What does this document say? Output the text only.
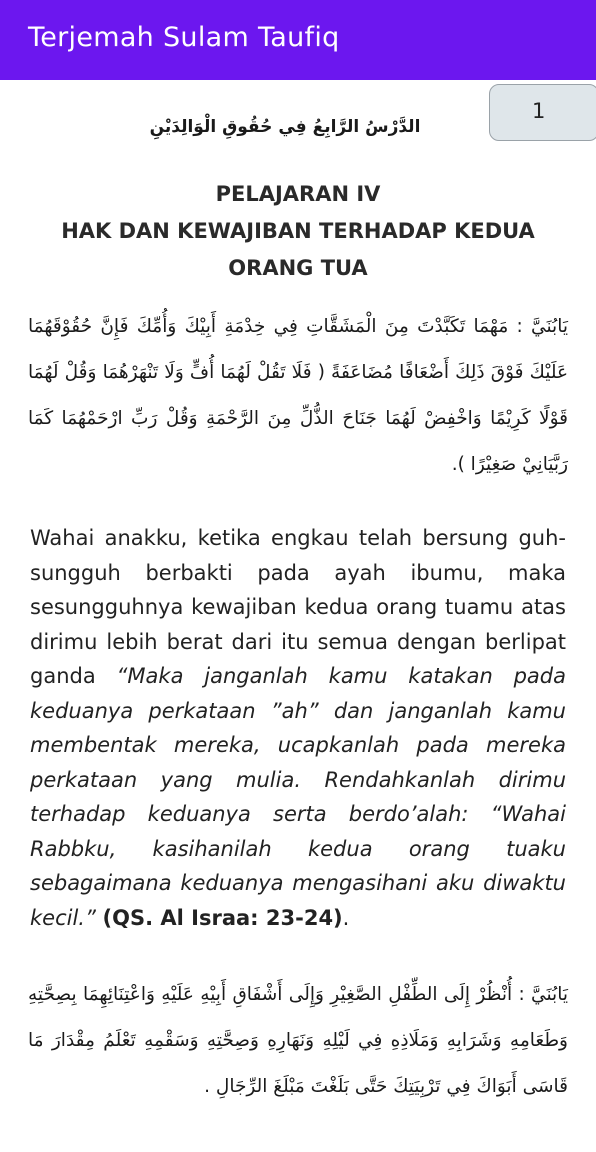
Terjemah Sulam Taufiq
1
الدَّرْسُ الرَّابِعُ فِي حُقُوقِ الْوَالِدَيْنِ
PELAJARAN IV
HAK DAN KEWAJIBAN TERHADAP KEDUA
ORANG TUA
يَابُنَيَّ : مَهْمَا تَكَبَّدْتَ مِنَ الْمَشَقَّاتِ فِي خِدْمَةِ أَبِيْكَ وَأُمِّكَ فَإِنَّ حُقُوْقَهُمَا عَلَيْكَ فَوْقَ ذَلِكَ أَضْعَافًا مُضَاعَفَةً ( فَلَا تَقُلْ لَهُمَا أُفٍّ وَلَا تَنْهَرْهُمَا وَقُلْ لَهُمَا قَوْلًا كَرِيْمًا وَاخْفِضْ لَهُمَا جَنَاحَ الذُّلِّ مِنَ الرَّحْمَةِ وَقُلْ رَبِّ ارْحَمْهُمَا كَمَا رَبَّيَانِيْ صَغِيْرًا ).
Wahai anakku, ketika engkau telah bersung guh-sungguh berbakti pada ayah ibumu, maka sesungguhnya kewajiban kedua orang tuamu atas dirimu lebih berat dari itu semua dengan berlipat ganda “Maka janganlah kamu katakan pada keduanya perkataan ”ah” dan janganlah kamu membentak mereka, ucapkanlah pada mereka perkataan yang mulia. Rendahkanlah dirimu terhadap keduanya serta berdo’alah: “Wahai Rabbku, kasihanilah kedua orang tuaku sebagaimana keduanya mengasihani aku diwaktu kecil.” (QS. Al Israa: 23-24).
يَابُنَيَّ : أُنْظُرْ إِلَى الطِّفْلِ الصَّغِيْرِ وَإِلَى أَشْفَاقِ أَبِيْهِ عَلَيْهِ وَاعْتِنَائِهِمَا بِصِحَّتِهِ وَطَعَامِهِ وَشَرَابِهِ وَمَلَاذِهِ فِي لَيْلِهِ وَنَهَارِهِ وَصِحَّتِهِ وَسَقْمِهِ تَعْلَمُ مِقْدَارَ مَا قَاسَى أَبَوَاكَ فِي تَرْبِيَتِكَ حَتَّى بَلَغْتَ مَبْلَغَ الرِّجَالِ .
